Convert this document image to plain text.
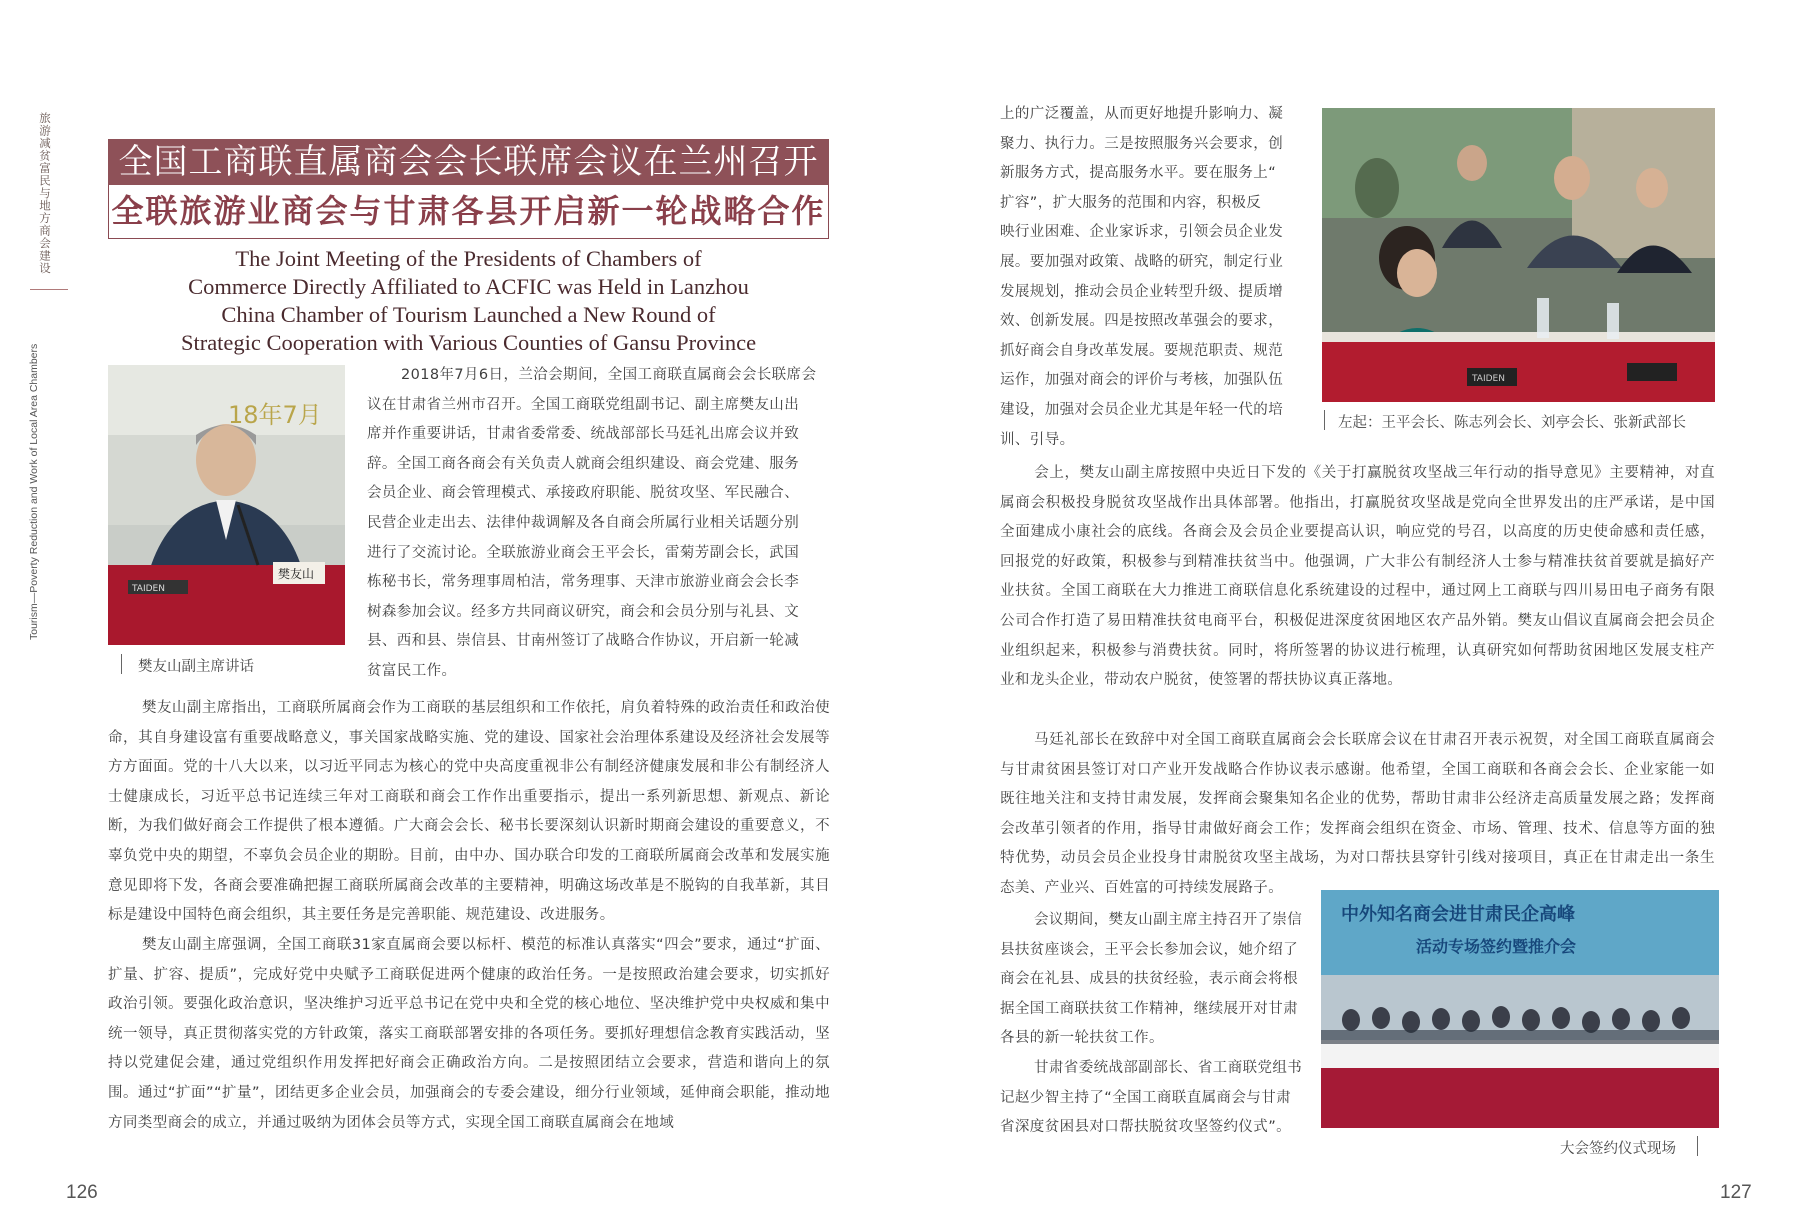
旅游减贫富民与地方商会建设
Tourism—Poverty Reduction and Work of Local Area Chambers
全国工商联直属商会会长联席会议在兰州召开
全联旅游业商会与甘肃各县开启新一轮战略合作
The Joint Meeting of the Presidents of Chambers of
Commerce Directly Affiliated to ACFIC was Held in Lanzhou
China Chamber of Tourism Launched a New Round of
Strategic Cooperation with Various Counties of Gansu Province
18年7月
TAIDEN
樊友山
樊友山副主席讲话
2018年7月6日，兰洽会期间，全国工商联直属商会会长联席会
议在甘肃省兰州市召开。全国工商联党组副书记、副主席樊友山出
席并作重要讲话，甘肃省委常委、统战部部长马廷礼出席会议并致
辞。全国工商各商会有关负责人就商会组织建设、商会党建、服务
会员企业、商会管理模式、承接政府职能、脱贫攻坚、军民融合、
民营企业走出去、法律仲裁调解及各自商会所属行业相关话题分别
进行了交流讨论。全联旅游业商会王平会长，雷菊芳副会长，武国
栋秘书长，常务理事周柏洁，常务理事、天津市旅游业商会会长李
树森参加会议。经多方共同商议研究，商会和会员分别与礼县、文
县、西和县、崇信县、甘南州签订了战略合作协议，开启新一轮减
贫富民工作。
樊友山副主席指出，工商联所属商会作为工商联的基层组织和工作依托，肩负着特殊的政治责任和政治使命，其自身建设富有重要战略意义，事关国家战略实施、党的建设、国家社会治理体系建设及经济社会发展等方方面面。党的十八大以来，以习近平同志为核心的党中央高度重视非公有制经济健康发展和非公有制经济人士健康成长，习近平总书记连续三年对工商联和商会工作作出重要指示，提出一系列新思想、新观点、新论断，为我们做好商会工作提供了根本遵循。广大商会会长、秘书长要深刻认识新时期商会建设的重要意义，不辜负党中央的期望，不辜负会员企业的期盼。目前，由中办、国办联合印发的工商联所属商会改革和发展实施意见即将下发，各商会要准确把握工商联所属商会改革的主要精神，明确这场改革是不脱钩的自我革新，其目标是建设中国特色商会组织，其主要任务是完善职能、规范建设、改进服务。
樊友山副主席强调，全国工商联31家直属商会要以标杆、模范的标准认真落实“四会”要求，通过“扩面、扩量、扩容、提质”，完成好党中央赋予工商联促进两个健康的政治任务。一是按照政治建会要求，切实抓好政治引领。要强化政治意识，坚决维护习近平总书记在党中央和全党的核心地位、坚决维护党中央权威和集中统一领导，真正贯彻落实党的方针政策，落实工商联部署安排的各项任务。要抓好理想信念教育实践活动，坚持以党建促会建，通过党组织作用发挥把好商会正确政治方向。二是按照团结立会要求，营造和谐向上的氛围。通过“扩面”“扩量”，团结更多企业会员，加强商会的专委会建设，细分行业领域，延伸商会职能，推动地方同类型商会的成立，并通过吸纳为团体会员等方式，实现全国工商联直属商会在地域
上的广泛覆盖，从而更好地提升影响力、凝
聚力、执行力。三是按照服务兴会要求，创
新服务方式，提高服务水平。要在服务上“
扩容”，扩大服务的范围和内容，积极反
映行业困难、企业家诉求，引领会员企业发
展。要加强对政策、战略的研究，制定行业
发展规划，推动会员企业转型升级、提质增
效、创新发展。四是按照改革强会的要求，
抓好商会自身改革发展。要规范职责、规范
运作，加强对商会的评价与考核，加强队伍
建设，加强对会员企业尤其是年轻一代的培
训、引导。
TAIDEN
左起：王平会长、陈志列会长、刘亭会长、张新武部长
会上，樊友山副主席按照中央近日下发的《关于打赢脱贫攻坚战三年行动的指导意见》主要精神，对直属商会积极投身脱贫攻坚战作出具体部署。他指出，打赢脱贫攻坚战是党向全世界发出的庄严承诺，是中国全面建成小康社会的底线。各商会及会员企业要提高认识，响应党的号召，以高度的历史使命感和责任感，回报党的好政策，积极参与到精准扶贫当中。他强调，广大非公有制经济人士参与精准扶贫首要就是搞好产业扶贫。全国工商联在大力推进工商联信息化系统建设的过程中，通过网上工商联与四川易田电子商务有限公司合作打造了易田精准扶贫电商平台，积极促进深度贫困地区农产品外销。樊友山倡议直属商会把会员企业组织起来，积极参与消费扶贫。同时，将所签署的协议进行梳理，认真研究如何帮助贫困地区发展支柱产业和龙头企业，带动农户脱贫，使签署的帮扶协议真正落地。
马廷礼部长在致辞中对全国工商联直属商会会长联席会议在甘肃召开表示祝贺，对全国工商联直属商会与甘肃贫困县签订对口产业开发战略合作协议表示感谢。他希望，全国工商联和各商会会长、企业家能一如既往地关注和支持甘肃发展，发挥商会聚集知名企业的优势，帮助甘肃非公经济走高质量发展之路；发挥商会改革引领者的作用，指导甘肃做好商会工作；发挥商会组织在资金、市场、管理、技术、信息等方面的独特优势，动员会员企业投身甘肃脱贫攻坚主战场，为对口帮扶县穿针引线对接项目，真正在甘肃走出一条生态美、产业兴、百姓富的可持续发展路子。
会议期间，樊友山副主席主持召开了崇信
县扶贫座谈会，王平会长参加会议，她介绍了
商会在礼县、成县的扶贫经验，表示商会将根
据全国工商联扶贫工作精神，继续展开对甘肃
各县的新一轮扶贫工作。
甘肃省委统战部副部长、省工商联党组书
记赵少智主持了“全国工商联直属商会与甘肃
省深度贫困县对口帮扶脱贫攻坚签约仪式”。
中外知名商会进甘肃民企高峰
活动专场签约暨推介会
大会签约仪式现场
126	127
